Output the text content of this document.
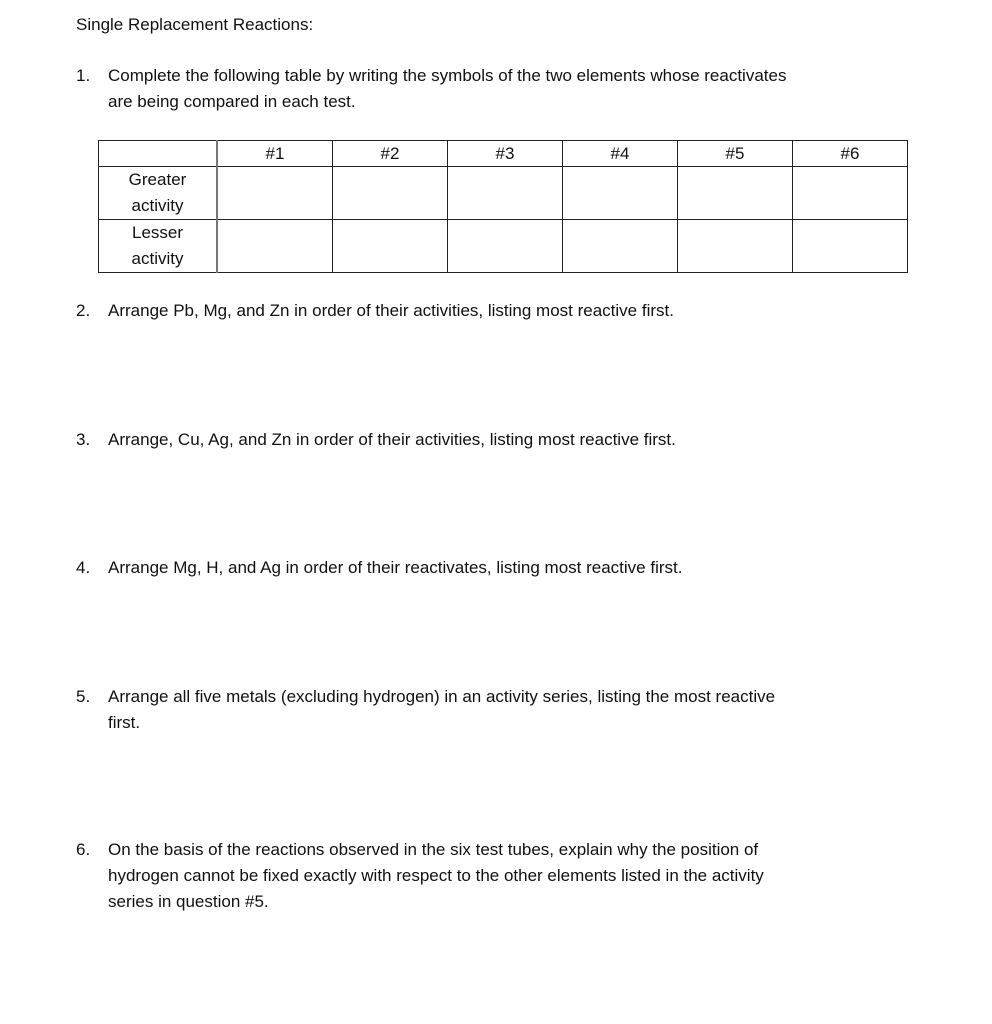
Single Replacement Reactions:
1. Complete the following table by writing the symbols of the two elements whose reactivates
are being compared in each test.
	#1	#2	#3	#4	#5	#6
Greater
activity						
Lesser
activity						
2. Arrange Pb, Mg, and Zn in order of their activities, listing most reactive first.
3. Arrange, Cu, Ag, and Zn in order of their activities, listing most reactive first.
4. Arrange Mg, H, and Ag in order of their reactivates, listing most reactive first.
5. Arrange all five metals (excluding hydrogen) in an activity series, listing the most reactive
first.
6. On the basis of the reactions observed in the six test tubes, explain why the position of
hydrogen cannot be fixed exactly with respect to the other elements listed in the activity
series in question #5.
